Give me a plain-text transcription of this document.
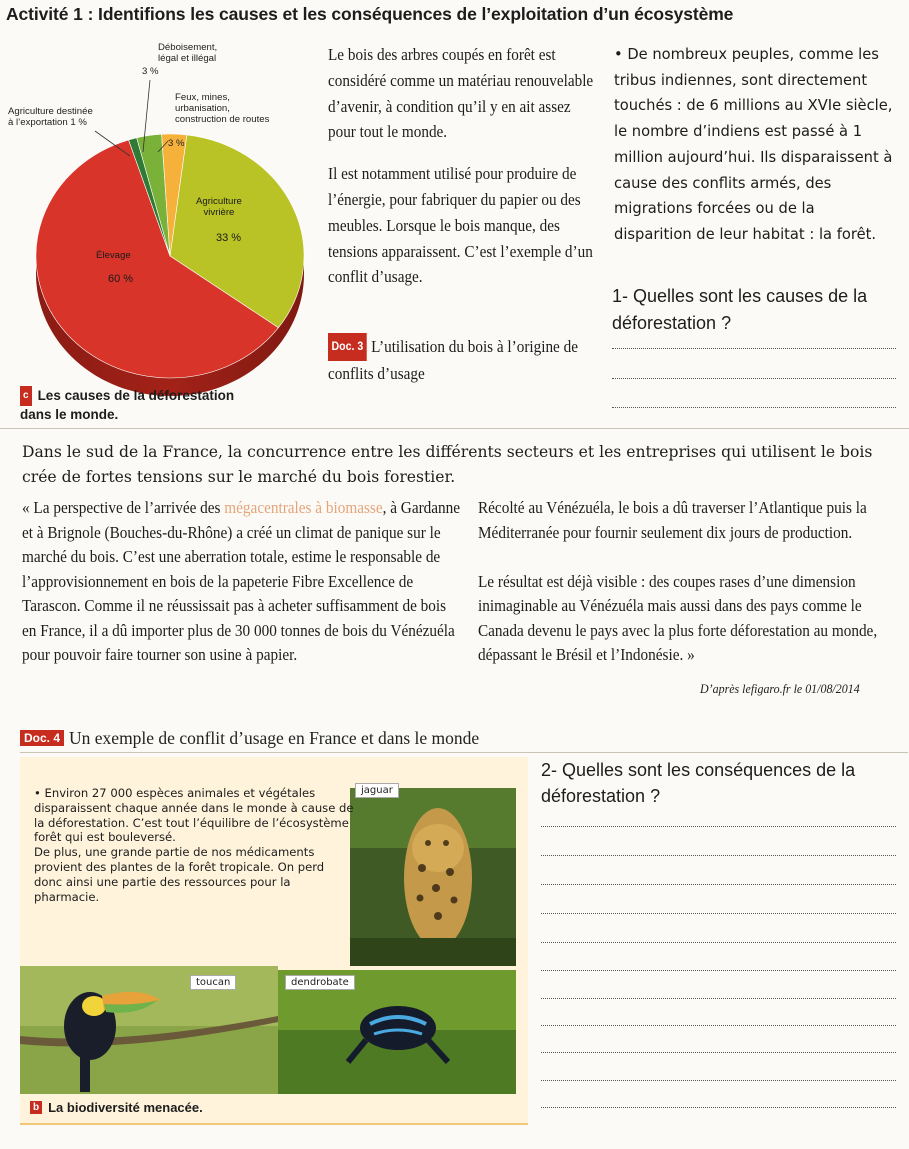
Activité 1 : Identifions les causes et les conséquences de l’exploitation d’un écosystème
Déboisement,
légal et illégal
3 %
Feux, mines,
urbanisation,
construction de routes
3 %
Agriculture destinée
à l’exportation 1 %
Agriculture
vivrière
33 %
Élevage
60 %
c Les causes de la déforestation
dans le monde.

Le bois des arbres coupés en forêt est considéré comme un matériau renouvelable d’avenir, à condition qu’il y en ait assez pour tout le monde.

Il est notamment utilisé pour produire de l’énergie, pour fabriquer du papier ou des meubles. Lorsque le bois manque, des tensions apparaissent. C’est l’exemple d’un conflit d’usage.

Doc. 3 L’utilisation du bois à l’origine de conflits d’usage
• De nombreux peuples, comme les tribus indiennes, sont directement touchés : de 6 millions au XVIe siècle, le nombre d’indiens est passé à 1 million aujourd’hui. Ils disparaissent à cause des conflits armés, des migrations forcées ou de la disparition de leur habitat : la forêt.
1- Quelles sont les causes de la déforestation ?
Dans le sud de la France, la concurrence entre les différents secteurs et les entreprises qui utilisent le bois crée de fortes tensions sur le marché du bois forestier.

« La perspective de l’arrivée des mégacentrales à biomasse, à Gardanne et à Brignole (Bouches-du-Rhône) a créé un climat de panique sur le marché du bois. C’est une aberration totale, estime le responsable de l’approvisionnement en bois de la papeterie Fibre Excellence de Tarascon. Comme il ne réussissait pas à acheter suffisamment de bois en France, il a dû importer plus de 30 000 tonnes de bois du Vénézuéla pour pouvoir faire tourner son usine à papier.

Récolté au Vénézuéla, le bois a dû traverser l’Atlantique puis la Méditerranée pour fournir seulement dix jours de production.

Le résultat est déjà visible : des coupes rases d’une dimension inimaginable au Vénézuéla mais aussi dans des pays comme le Canada devenu le pays avec la plus forte déforestation au monde, dépassant le Brésil et l’Indonésie. »

D’après lefigaro.fr le 01/08/2014
Doc. 4 Un exemple de conflit d’usage en France et dans le monde
jaguar
toucan	dendrobate
• Environ 27 000 espèces animales et végétales disparaissent chaque année dans le monde à cause de la déforestation. C’est tout l’équilibre de l’écosystème forêt qui est bouleversé.
De plus, une grande partie de nos médicaments provient des plantes de la forêt tropicale. On perd donc ainsi une partie des ressources pour la pharmacie.
b La biodiversité menacée.
2- Quelles sont les conséquences de la déforestation ?
